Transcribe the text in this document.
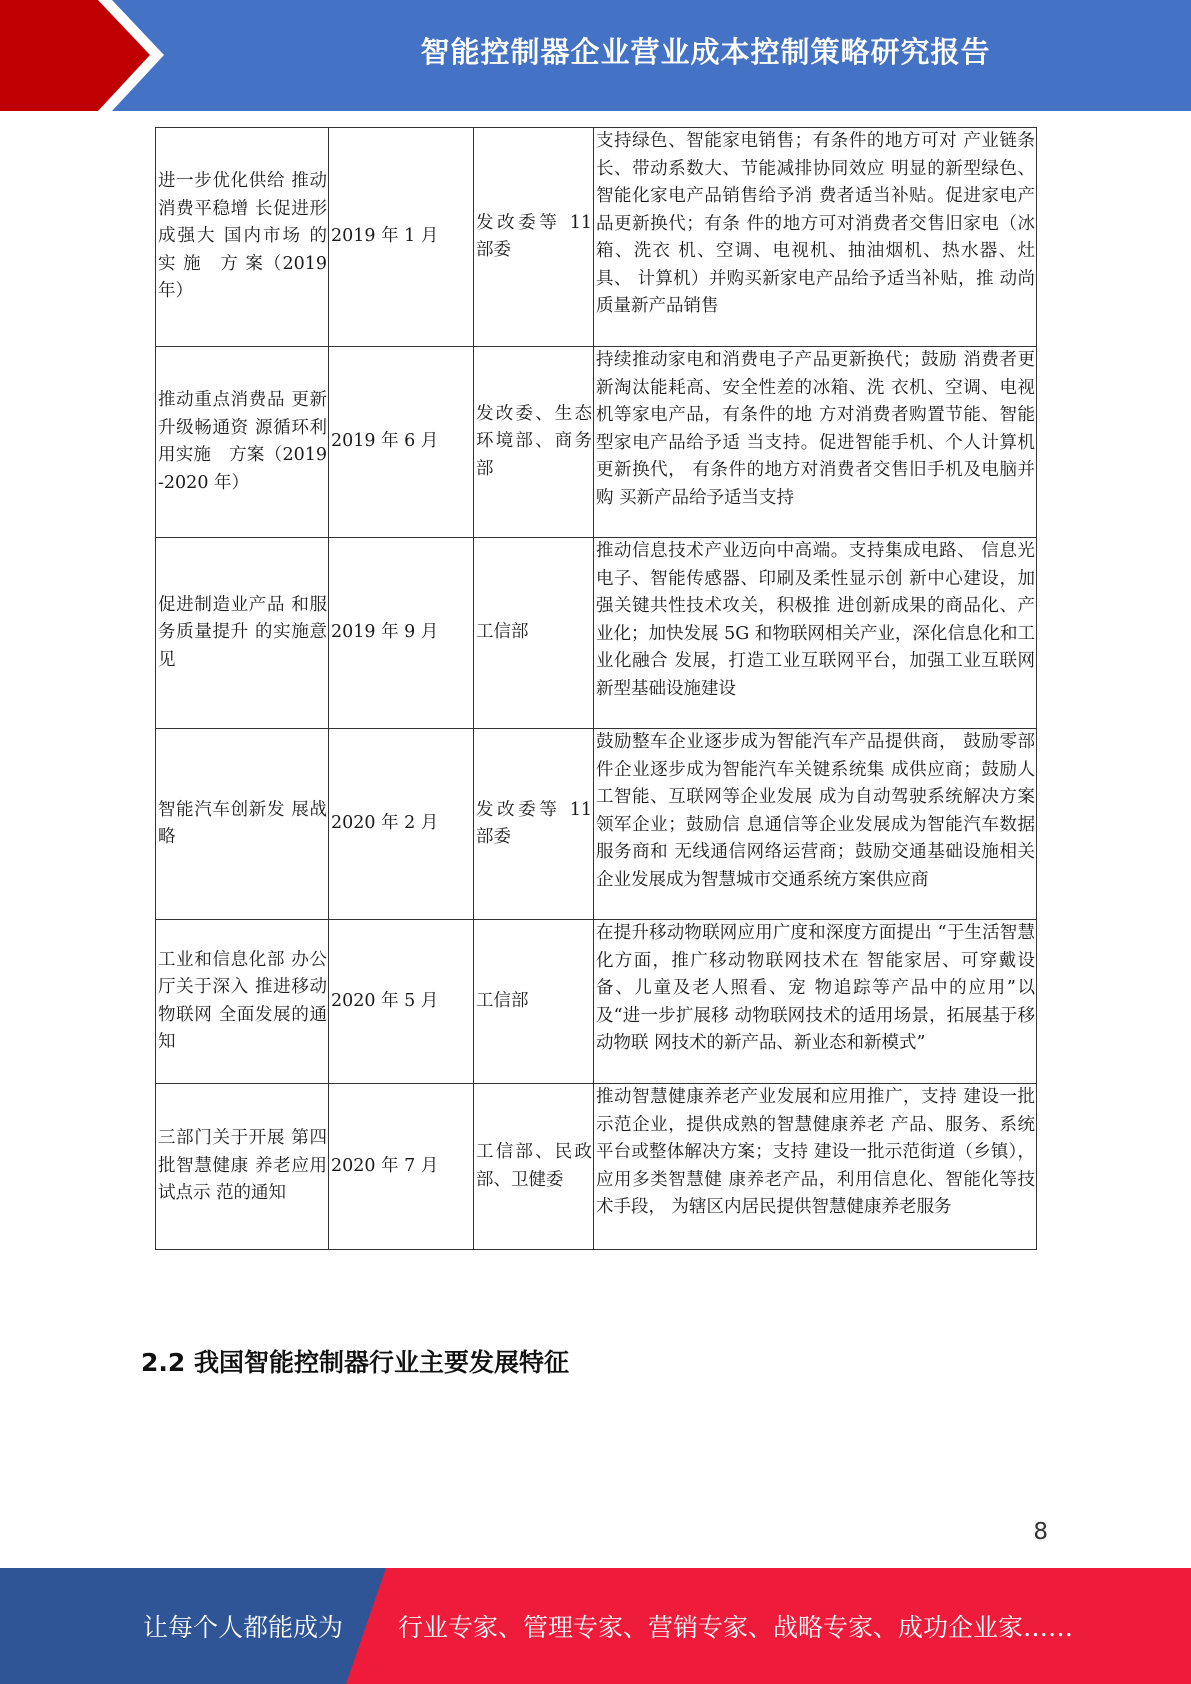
智能控制器企业营业成本控制策略研究报告
进一步优化供给 推动消费平稳增 长促进形成强大 国内市场 的 实 施　方 案（2019 年）	2019 年 1 月	发改委等 11 部委	支持绿色、智能家电销售；有条件的地方可对 产业链条长、带动系数大、节能减排协同效应 明显的新型绿色、智能化家电产品销售给予消 费者适当补贴。促进家电产品更新换代；有条 件的地方可对消费者交售旧家电（冰箱、洗衣 机、空调、电视机、抽油烟机、热水器、灶具、 计算机）并购买新家电产品给予适当补贴，推 动尚质量新产品销售
推动重点消费品 更新升级畅通资 源循环利用实施　方案（2019-2020 年）	2019 年 6 月	发改委、生态环境部、商务部	持续推动家电和消费电子产品更新换代；鼓励 消费者更新淘汰能耗高、安全性差的冰箱、洗 衣机、空调、电视机等家电产品，有条件的地 方对消费者购置节能、智能型家电产品给予适 当支持。促进智能手机、个人计算机更新换代， 有条件的地方对消费者交售旧手机及电脑并购 买新产品给予适当支持
促进制造业产品 和服务质量提升 的实施意见	2019 年 9 月	工信部	推动信息技术产业迈向中高端。支持集成电路、 信息光电子、智能传感器、印刷及柔性显示创 新中心建设，加强关键共性技术攻关，积极推 进创新成果的商品化、产业化；加快发展 5G 和物联网相关产业，深化信息化和工业化融合 发展，打造工业互联网平台，加强工业互联网 新型基础设施建设
智能汽车创新发 展战略	2020 年 2 月	发改委等 11 部委	鼓励整车企业逐步成为智能汽车产品提供商， 鼓励零部件企业逐步成为智能汽车关键系统集 成供应商；鼓励人工智能、互联网等企业发展 成为自动驾驶系统解决方案领军企业；鼓励信 息通信等企业发展成为智能汽车数据服务商和 无线通信网络运营商；鼓励交通基础设施相关 企业发展成为智慧城市交通系统方案供应商
工业和信息化部 办公厅关于深入 推进移动物联网 全面发展的通知	2020 年 5 月	工信部	在提升移动物联网应用广度和深度方面提出 “于生活智慧化方面，推广移动物联网技术在 智能家居、可穿戴设备、儿童及老人照看、宠 物追踪等产品中的应用”以及“进一步扩展移 动物联网技术的适用场景，拓展基于移动物联 网技术的新产品、新业态和新模式”
三部门关于开展 第四批智慧健康 养老应用试点示 范的通知	2020 年 7 月	工信部、民政部、卫健委	推动智慧健康养老产业发展和应用推广，支持 建设一批示范企业，提供成熟的智慧健康养老 产品、服务、系统平台或整体解决方案；支持 建设一批示范街道（乡镇），应用多类智慧健 康养老产品，利用信息化、智能化等技术手段， 为辖区内居民提供智慧健康养老服务
2.2 我国智能控制器行业主要发展特征
8
让每个人都能成为 行业专家、管理专家、营销专家、战略专家、成功企业家……
